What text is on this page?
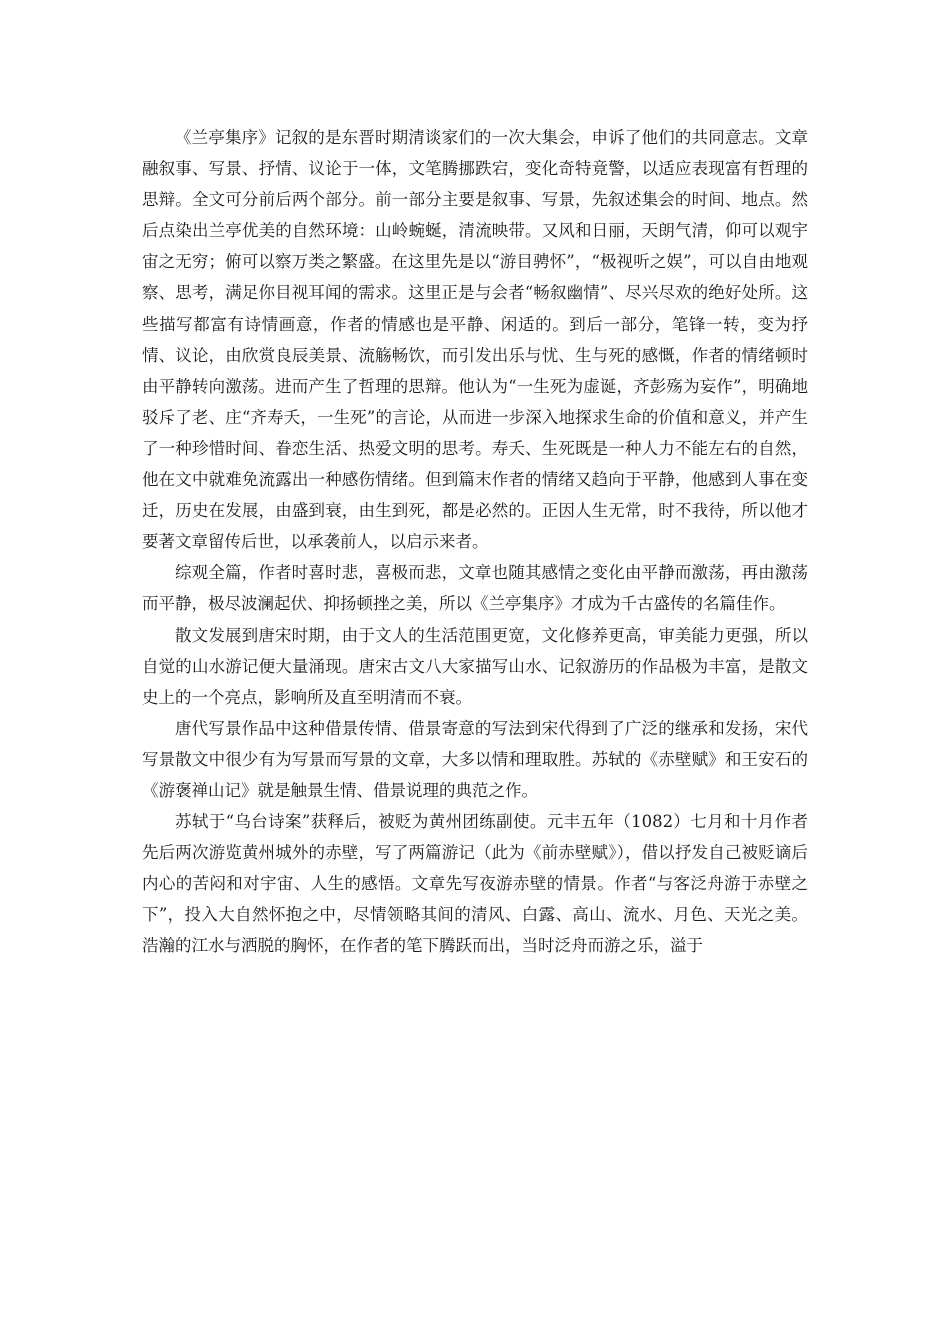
《兰亭集序》记叙的是东晋时期清谈家们的一次大集会，申诉了他们的共同意志。文章融叙事、写景、抒情、议论于一体，文笔腾挪跌宕，变化奇特竟警，以适应表现富有哲理的思辩。全文可分前后两个部分。前一部分主要是叙事、写景，先叙述集会的时间、地点。然后点染出兰亭优美的自然环境：山岭蜿蜒，清流映带。又风和日丽，天朗气清，仰可以观宇宙之无穷；俯可以察万类之繁盛。在这里先是以“游目骋怀”，“极视听之娱”，可以自由地观察、思考，满足你目视耳闻的需求。这里正是与会者“畅叙幽情”、尽兴尽欢的绝好处所。这些描写都富有诗情画意，作者的情感也是平静、闲适的。到后一部分，笔锋一转，变为抒情、议论，由欣赏良辰美景、流觞畅饮，而引发出乐与忧、生与死的感慨，作者的情绪顿时由平静转向激荡。进而产生了哲理的思辩。他认为“一生死为虚诞，齐彭殇为妄作”，明确地驳斥了老、庄“齐寿夭，一生死”的言论，从而进一步深入地探求生命的价值和意义，并产生了一种珍惜时间、眷恋生活、热爱文明的思考。寿夭、生死既是一种人力不能左右的自然，他在文中就难免流露出一种感伤情绪。但到篇末作者的情绪又趋向于平静，他感到人事在变迁，历史在发展，由盛到衰，由生到死，都是必然的。正因人生无常，时不我待，所以他才要著文章留传后世，以承袭前人，以启示来者。

综观全篇，作者时喜时悲，喜极而悲，文章也随其感情之变化由平静而激荡，再由激荡而平静，极尽波澜起伏、抑扬顿挫之美，所以《兰亭集序》才成为千古盛传的名篇佳作。

散文发展到唐宋时期，由于文人的生活范围更宽，文化修养更高，审美能力更强，所以自觉的山水游记便大量涌现。唐宋古文八大家描写山水、记叙游历的作品极为丰富，是散文史上的一个亮点，影响所及直至明清而不衰。

唐代写景作品中这种借景传情、借景寄意的写法到宋代得到了广泛的继承和发扬，宋代写景散文中很少有为写景而写景的文章，大多以情和理取胜。苏轼的《赤壁赋》和王安石的《游褒禅山记》就是触景生情、借景说理的典范之作。

苏轼于“乌台诗案”获释后，被贬为黄州团练副使。元丰五年（1082）七月和十月作者先后两次游览黄州城外的赤壁，写了两篇游记（此为《前赤壁赋》），借以抒发自己被贬谪后内心的苦闷和对宇宙、人生的感悟。文章先写夜游赤壁的情景。作者“与客泛舟游于赤壁之下”，投入大自然怀抱之中，尽情领略其间的清风、白露、高山、流水、月色、天光之美。浩瀚的江水与洒脱的胸怀，在作者的笔下腾跃而出，当时泛舟而游之乐，溢于
